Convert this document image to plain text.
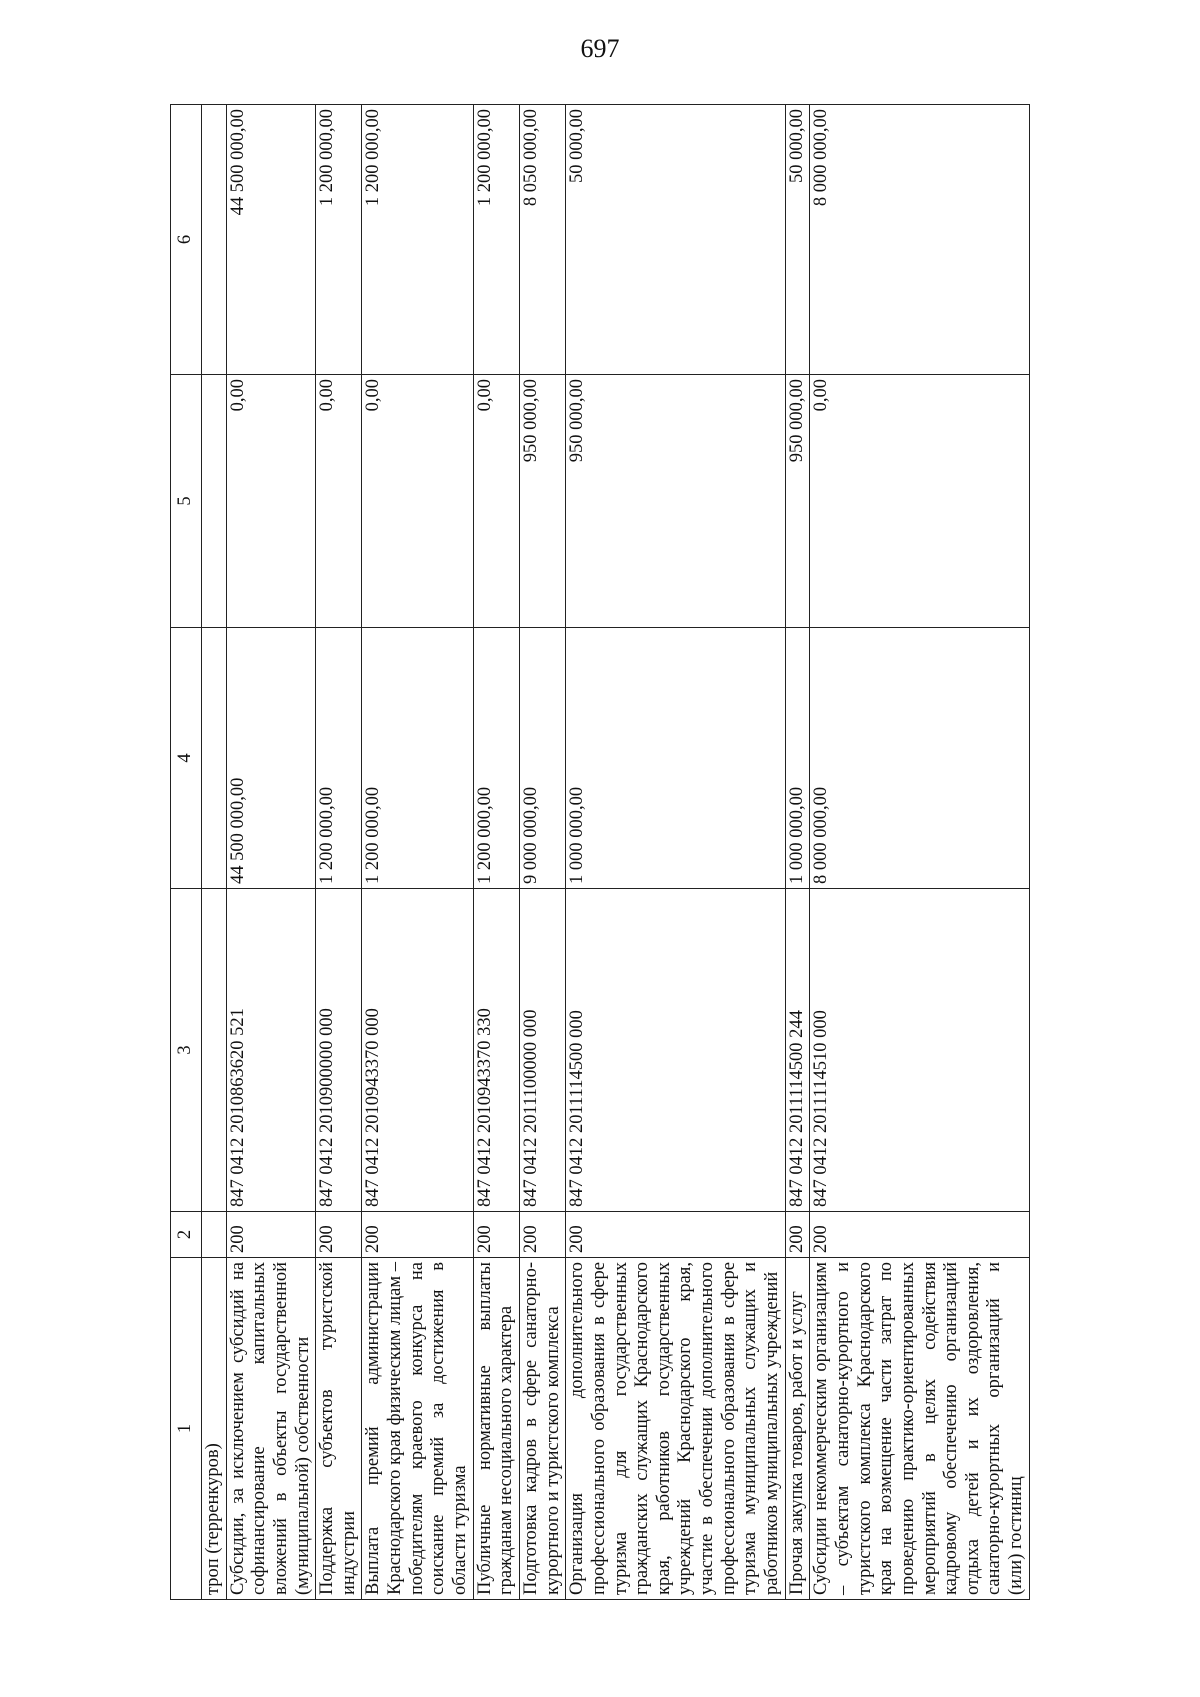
697
1	2	3	4	5	6
троп (терренкуров)					
Субсидии, за исключением субсидий на софинансирование капитальных вложений в объекты государственной (муниципальной) собственности	200	847 0412 2010863620 521	44 500 000,00	0,00	44 500 000,00
Поддержка субъектов туристской индустрии	200	847 0412 2010900000 000	1 200 000,00	0,00	1 200 000,00
Выплата премий администрации Краснодарского края физическим лицам – победителям краевого конкурса на соискание премий за достижения в области туризма	200	847 0412 2010943370 000	1 200 000,00	0,00	1 200 000,00
Публичные нормативные выплаты гражданам несоциального характера	200	847 0412 2010943370 330	1 200 000,00	0,00	1 200 000,00
Подготовка кадров в сфере санаторно-курортного и туристского комплекса	200	847 0412 2011100000 000	9 000 000,00	950 000,00	8 050 000,00
Организация дополнительного профессионального образования в сфере туризма для государственных гражданских служащих Краснодарского края, работников государственных учреждений Краснодарского края, участие в обеспечении дополнительного профессионального образования в сфере туризма муниципальных служащих и работников муниципальных учреждений	200	847 0412 2011114500 000	1 000 000,00	950 000,00	50 000,00
Прочая закупка товаров, работ и услуг	200	847 0412 2011114500 244	1 000 000,00	950 000,00	50 000,00
Субсидии некоммерческим организациям – субъектам санаторно-курортного и туристского комплекса Краснодарского края на возмещение части затрат по проведению практико-ориентированных мероприятий в целях содействия кадровому обеспечению организаций отдыха детей и их оздоровления, санаторно-курортных организаций и (или) гостиниц	200	847 0412 2011114510 000	8 000 000,00	0,00	8 000 000,00
